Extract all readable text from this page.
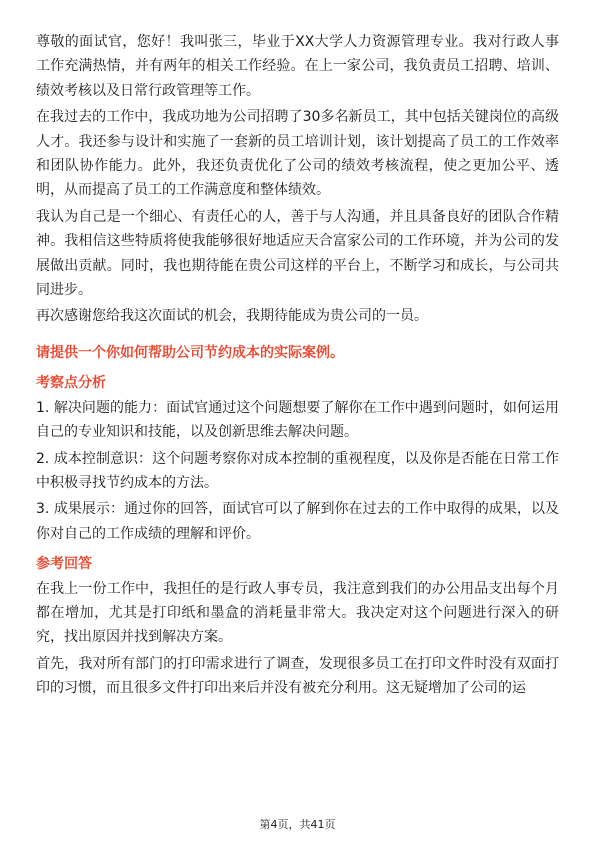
尊敬的面试官，您好！我叫张三，毕业于XX大学人力资源管理专业。我对行政人事工作充满热情，并有两年的相关工作经验。在上一家公司，我负责员工招聘、培训、绩效考核以及日常行政管理等工作。

在我过去的工作中，我成功地为公司招聘了30多名新员工，其中包括关键岗位的高级人才。我还参与设计和实施了一套新的员工培训计划，该计划提高了员工的工作效率和团队协作能力。此外，我还负责优化了公司的绩效考核流程，使之更加公平、透明，从而提高了员工的工作满意度和整体绩效。

我认为自己是一个细心、有责任心的人，善于与人沟通，并且具备良好的团队合作精神。我相信这些特质将使我能够很好地适应天合富家公司的工作环境，并为公司的发展做出贡献。同时，我也期待能在贵公司这样的平台上，不断学习和成长，与公司共同进步。

再次感谢您给我这次面试的机会，我期待能成为贵公司的一员。

请提供一个你如何帮助公司节约成本的实际案例。

考察点分析

1. 解决问题的能力：面试官通过这个问题想要了解你在工作中遇到问题时，如何运用自己的专业知识和技能，以及创新思维去解决问题。

2. 成本控制意识：这个问题考察你对成本控制的重视程度，以及你是否能在日常工作中积极寻找节约成本的方法。

3. 成果展示：通过你的回答，面试官可以了解到你在过去的工作中取得的成果，以及你对自己的工作成绩的理解和评价。

参考回答

在我上一份工作中，我担任的是行政人事专员，我注意到我们的办公用品支出每个月都在增加，尤其是打印纸和墨盒的消耗量非常大。我决定对这个问题进行深入的研究，找出原因并找到解决方案。

首先，我对所有部门的打印需求进行了调查，发现很多员工在打印文件时没有双面打印的习惯，而且很多文件打印出来后并没有被充分利用。这无疑增加了公司的运

第4页，共41页
